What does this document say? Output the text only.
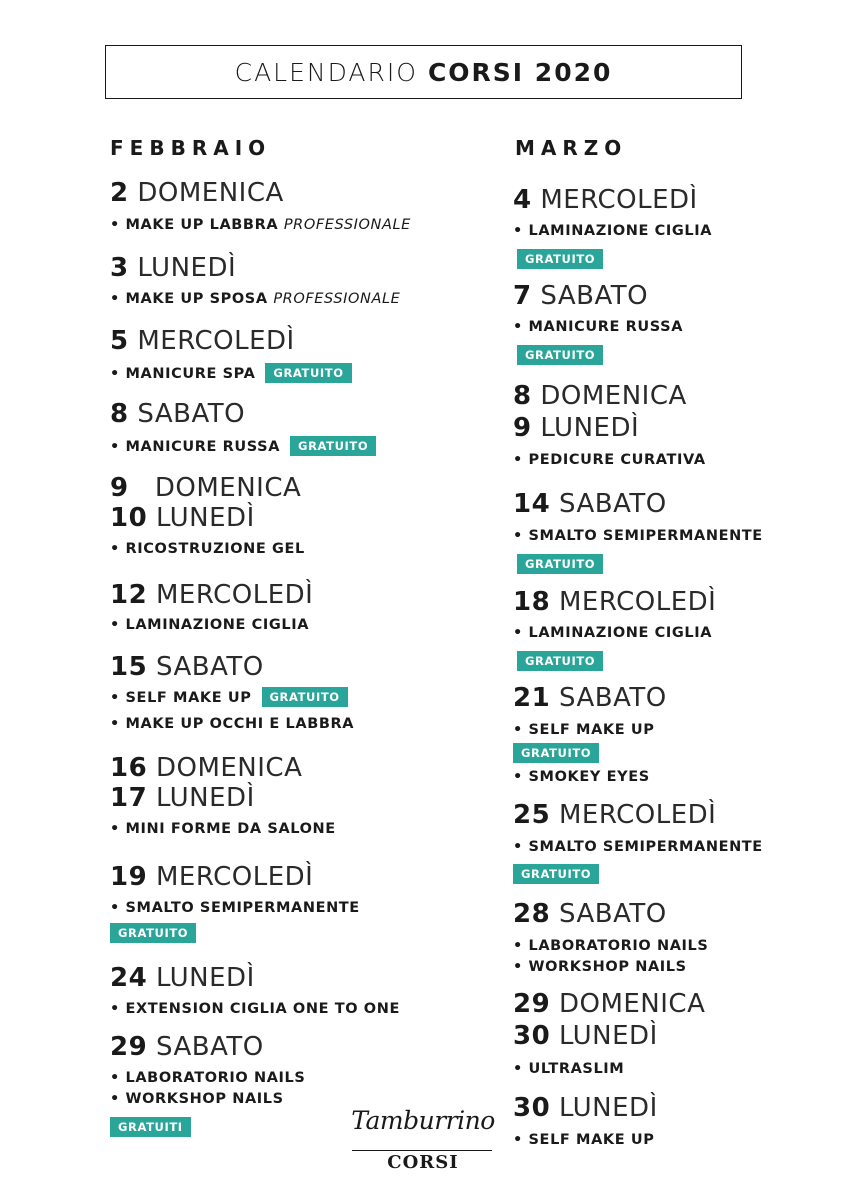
CALENDARIO CORSI 2020
FEBBRAIO
2 DOMENICA
• MAKE UP LABBRA PROFESSIONALE
3 LUNEDÌ
• MAKE UP SPOSA PROFESSIONALE
5 MERCOLEDÌ
• MANICURE SPA GRATUITO
8 SABATO
• MANICURE RUSSA GRATUITO
9 DOMENICA
10 LUNEDÌ
• RICOSTRUZIONE GEL
12 MERCOLEDÌ
• LAMINAZIONE CIGLIA
15 SABATO
• SELF MAKE UP GRATUITO
• MAKE UP OCCHI E LABBRA
16 DOMENICA
17 LUNEDÌ
• MINI FORME DA SALONE
19 MERCOLEDÌ
• SMALTO SEMIPERMANENTE
GRATUITO
24 LUNEDÌ
• EXTENSION CIGLIA ONE TO ONE
29 SABATO
• LABORATORIO NAILS
• WORKSHOP NAILS
GRATUITI
MARZO
4 MERCOLEDÌ
• LAMINAZIONE CIGLIA
GRATUITO
7 SABATO
• MANICURE RUSSA
GRATUITO
8 DOMENICA
9 LUNEDÌ
• PEDICURE CURATIVA
14 SABATO
• SMALTO SEMIPERMANENTE
GRATUITO
18 MERCOLEDÌ
• LAMINAZIONE CIGLIA
GRATUITO
21 SABATO
• SELF MAKE UP
GRATUITO
• SMOKEY EYES
25 MERCOLEDÌ
• SMALTO SEMIPERMANENTE
GRATUITO
28 SABATO
• LABORATORIO NAILS
• WORKSHOP NAILS
29 DOMENICA
30 LUNEDÌ
• ULTRASLIM
30 LUNEDÌ
• SELF MAKE UP
Tamburrino
CORSI
